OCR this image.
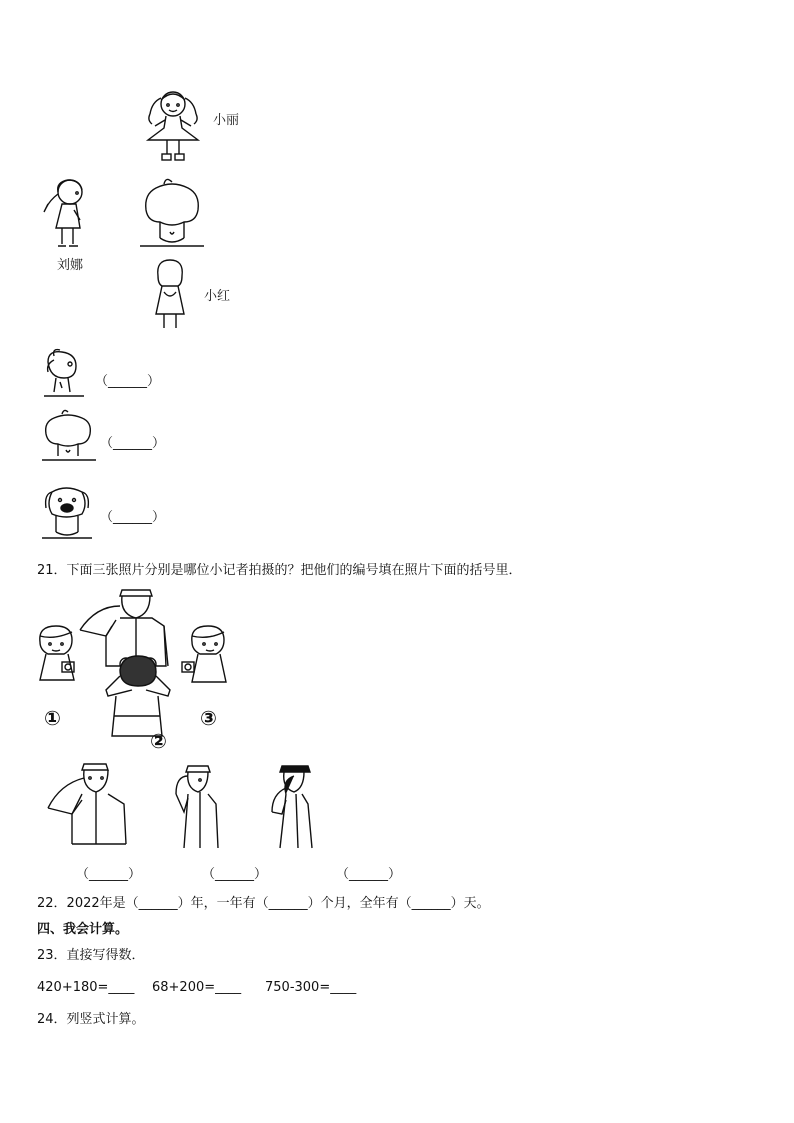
小丽
刘娜
小红
（______）
（______）
（______）
21．下面三张照片分别是哪位小记者拍摄的？把他们的编号填在照片下面的括号里．
①
②
③
（______）	（______）	（______）
22．2022年是（______）年，一年有（______）个月，全年有（______）天。
四、我会计算。
23．直接写得数．
420+180=____ 68+200=____ 750-300=____
24．列竖式计算。
